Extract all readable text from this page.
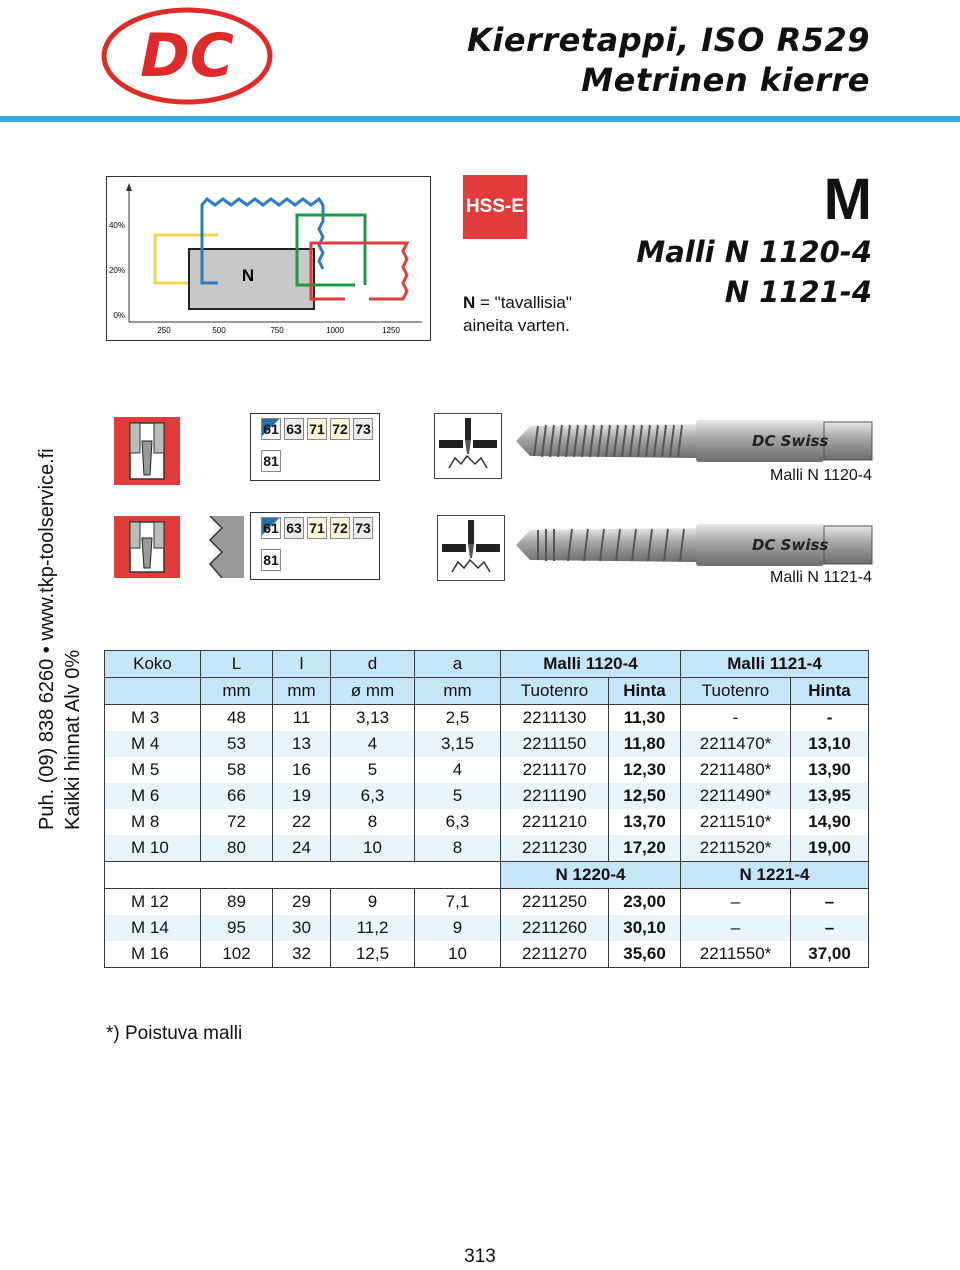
DC	Kierretappi, ISO R529
Metrinen kierre
40%
20%
0%
250	500	750	1000	1250
N
HSS-E
N = "tavallisia"
aineita varten.
M
Malli N 1120-4
N 1121-4
Puh. (09) 838 6260 • www.tkp-toolservice.fi Kaikki hinnat Alv 0%
61 63 71 72 73
81
DC Swiss
Malli N 1120-4
61 63 71 72 73
81
DC Swiss
Malli N 1121-4
Koko	L	l	d	a	Malli 1120-4		Malli 1121-4	
	mm	mm	ø mm	mm	Tuotenro	Hinta	Tuotenro	Hinta
M 3	48	11	3,13	2,5	2211130	11,30	-	-
M 4	53	13	4	3,15	2211150	11,80	2211470*	13,10
M 5	58	16	5	4	2211170	12,30	2211480*	13,90
M 6	66	19	6,3	5	2211190	12,50	2211490*	13,95
M 8	72	22	8	6,3	2211210	13,70	2211510*	14,90
M 10	80	24	10	8	2211230	17,20	2211520*	19,00
					N 1220-4		N 1221-4	
M 12	89	29	9	7,1	2211250	23,00	–	–
M 14	95	30	11,2	9	2211260	30,10	–	–
M 16	102	32	12,5	10	2211270	35,60	2211550*	37,00
*) Poistuva malli
313
